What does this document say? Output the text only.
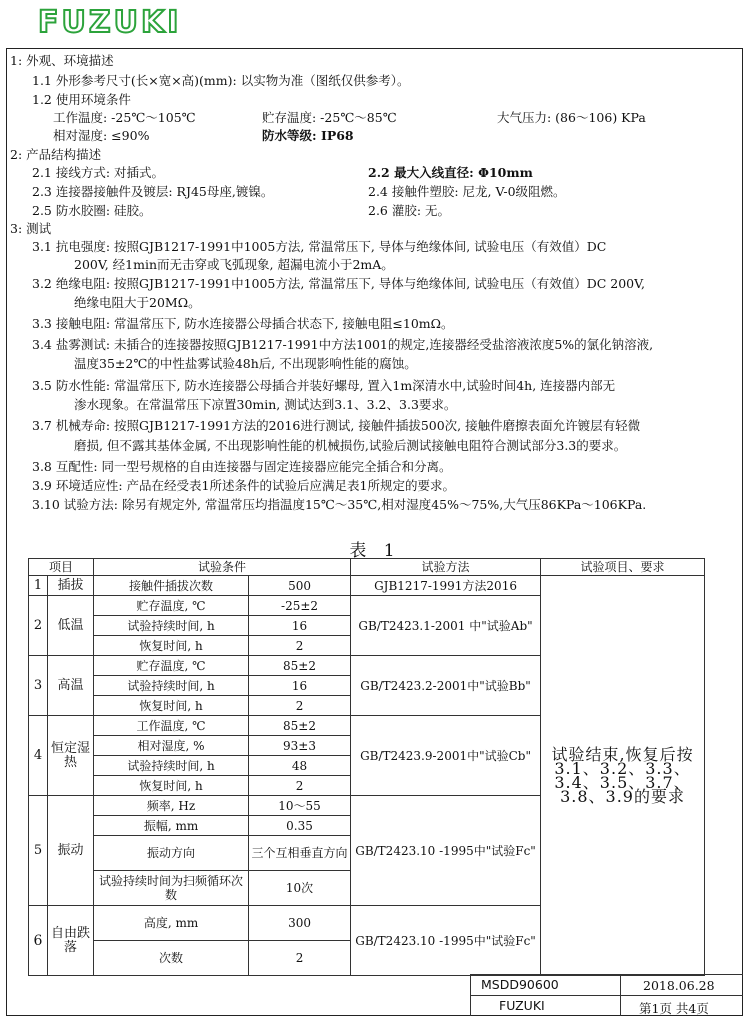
FUZUKI
1: 外观、环境描述
1.1 外形参考尺寸(长×宽×高)(mm): 以实物为准（图纸仅供参考）。
1.2 使用环境条件
工作温度: -25℃～105℃	贮存温度: -25℃～85℃	大气压力: (86～106) KPa
相对湿度: ≤90%	防水等级: IP68
2: 产品结构描述
2.1 接线方式: 对插式。	2.2 最大入线直径: Φ10mm
2.3 连接器接触件及镀层: RJ45母座,镀镍。	2.4 接触件塑胶: 尼龙, V-0级阻燃。
2.5 防水胶圈: 硅胶。	2.6 灌胶: 无。
3: 测试
3.1 抗电强度: 按照GJB1217-1991中1005方法, 常温常压下, 导体与绝缘体间, 试验电压（有效值）DC
200V, 经1min而无击穿或飞弧现象, 超漏电流小于2mA。
3.2 绝缘电阻: 按照GJB1217-1991中1005方法, 常温常压下, 导体与绝缘体间, 试验电压（有效值）DC 200V,
绝缘电阻大于20MΩ。
3.3 接触电阻: 常温常压下, 防水连接器公母插合状态下, 接触电阻≤10mΩ。
3.4 盐雾测试: 未插合的连接器按照GJB1217-1991中方法1001的规定,连接器经受盐溶液浓度5%的氯化钠溶液,
温度35±2℃的中性盐雾试验48h后, 不出现影响性能的腐蚀。
3.5 防水性能: 常温常压下, 防水连接器公母插合并装好螺母, 置入1m深清水中,试验时间4h, 连接器内部无
渗水现象。在常温常压下凉置30min, 测试达到3.1、3.2、3.3要求。
3.7 机械寿命: 按照GJB1217-1991方法的2016进行测试, 接触件插拔500次, 接触件磨擦表面允许镀层有轻微
磨损, 但不露其基体金属, 不出现影响性能的机械损伤,试验后测试接触电阻符合测试部分3.3的要求。
3.8 互配性: 同一型号规格的自由连接器与固定连接器应能完全插合和分离。
3.9 环境适应性: 产品在经受表1所述条件的试验后应满足表1所规定的要求。
3.10 试验方法: 除另有规定外, 常温常压均指温度15℃～35℃,相对湿度45%～75%,大气压86KPa～106KPa.
表 1
项目		试验条件		试验方法	试验项目、要求
1	插拔	接触件插拔次数	500	GJB1217-1991方法2016	试验结束,恢复后按3.1、3.2、3.3、3.4、3.5、3.7、3.8、3.9的要求
2	低温	贮存温度, ℃	-25±2	GB/T2423.1-2001 中"试验Ab"	
		试验持续时间, h	16		
		恢复时间, h	2		
3	高温	贮存温度, ℃	85±2	GB/T2423.2-2001中"试验Bb"	
		试验持续时间, h	16		
		恢复时间, h	2		
4	恒定湿热	工作温度, ℃	85±2	GB/T2423.9-2001中"试验Cb"	
		相对湿度, %	93±3		
		试验持续时间, h	48		
		恢复时间, h	2		
5	振动	频率, Hz	10～55	GB/T2423.10 -1995中"试验Fc"	
		振幅, mm	0.35		
		振动方向	三个互相垂直方向		
		试验持续时间为扫频循环次数	10次		
6	自由跌落	高度, mm	300	GB/T2423.10 -1995中"试验Fc"	
		次数	2		
MSDD90600	2018.06.28
FUZUKI	第1页 共4页
